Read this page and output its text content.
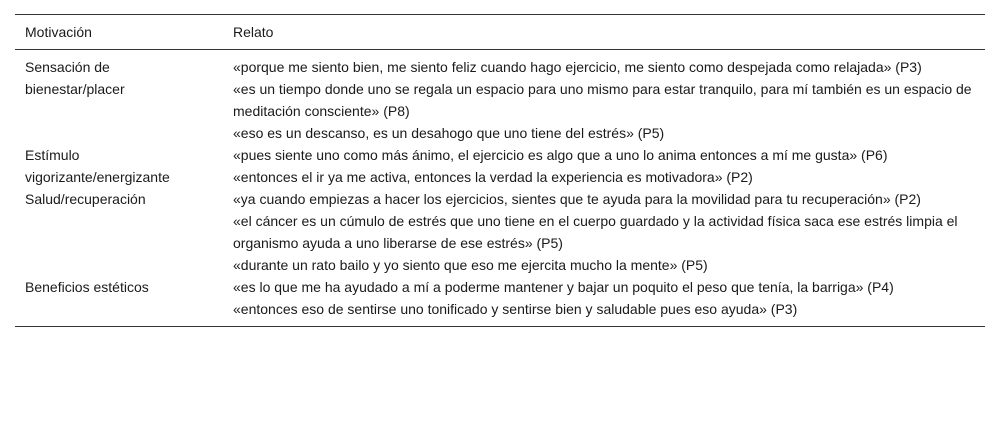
Motivación	Relato
Sensación de bienestar/placer	«porque me siento bien, me siento feliz cuando hago ejercicio, me siento como despejada como relajada» (P3)
«es un tiempo donde uno se regala un espacio para uno mismo para estar tranquilo, para mí también es un espacio de meditación consciente» (P8)
«eso es un descanso, es un desahogo que uno tiene del estrés» (P5)

Estímulo vigorizante/energizante	«pues siente uno como más ánimo, el ejercicio es algo que a uno lo anima entonces a mí me gusta» (P6)
«entonces el ir ya me activa, entonces la verdad la experiencia es motivadora» (P2)

Salud/recuperación	«ya cuando empiezas a hacer los ejercicios, sientes que te ayuda para la movilidad para tu recuperación» (P2)
«el cáncer es un cúmulo de estrés que uno tiene en el cuerpo guardado y la actividad física saca ese estrés limpia el organismo ayuda a uno liberarse de ese estrés» (P5)
«durante un rato bailo y yo siento que eso me ejercita mucho la mente» (P5)

Beneficios estéticos	«es lo que me ha ayudado a mí a poderme mantener y bajar un poquito el peso que tenía, la barriga» (P4)
«entonces eso de sentirse uno tonificado y sentirse bien y saludable pues eso ayuda» (P3)
